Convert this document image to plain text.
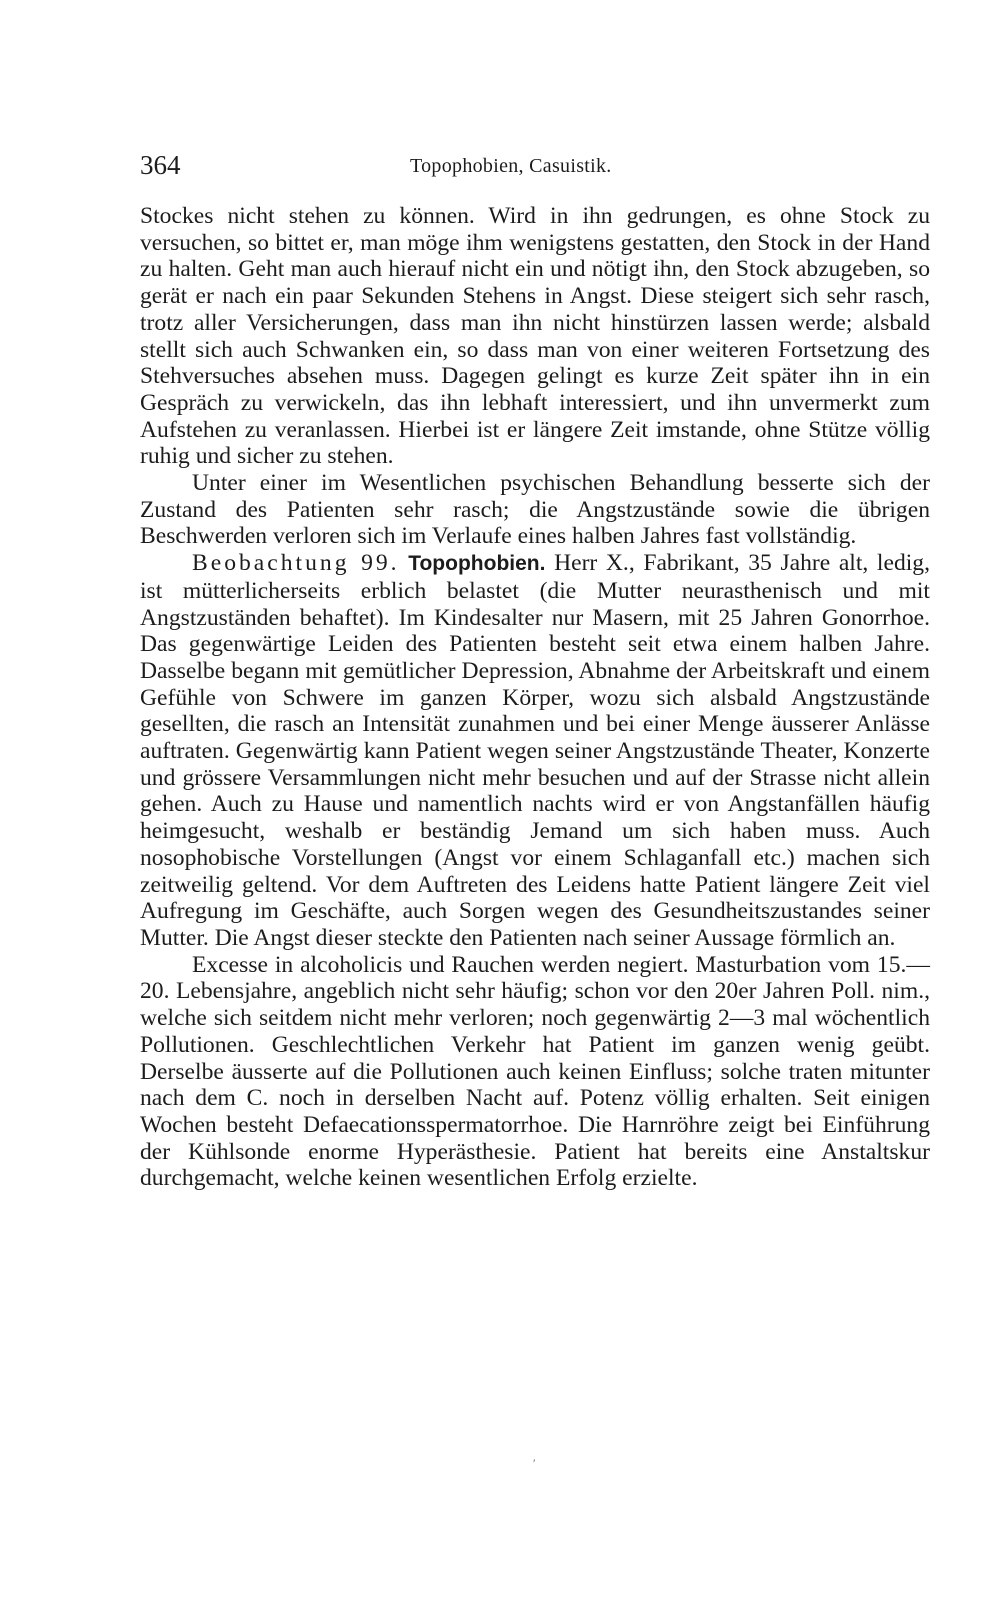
364	Topophobien, Casuistik.

Stockes nicht stehen zu können. Wird in ihn gedrungen, es ohne Stock zu versuchen, so bittet er, man möge ihm wenigstens gestatten, den Stock in der Hand zu halten. Geht man auch hierauf nicht ein und nötigt ihn, den Stock abzugeben, so gerät er nach ein paar Sekunden Stehens in Angst. Diese steigert sich sehr rasch, trotz aller Versicherungen, dass man ihn nicht hinstürzen lassen werde; alsbald stellt sich auch Schwanken ein, so dass man von einer weiteren Fortsetzung des Stehversuches absehen muss. Dagegen gelingt es kurze Zeit später ihn in ein Gespräch zu verwickeln, das ihn lebhaft interessiert, und ihn unvermerkt zum Aufstehen zu veranlassen. Hierbei ist er längere Zeit imstande, ohne Stütze völlig ruhig und sicher zu stehen.

Unter einer im Wesentlichen psychischen Behandlung besserte sich der Zustand des Patienten sehr rasch; die Angstzustände sowie die übrigen Beschwerden verloren sich im Verlaufe eines halben Jahres fast vollständig.

Beobachtung 99. Topophobien. Herr X., Fabrikant, 35 Jahre alt, ledig, ist mütterlicherseits erblich belastet (die Mutter neurasthenisch und mit Angstzuständen behaftet). Im Kindesalter nur Masern, mit 25 Jahren Gonorrhoe. Das gegenwärtige Leiden des Patienten besteht seit etwa einem halben Jahre. Dasselbe begann mit gemütlicher Depression, Abnahme der Arbeitskraft und einem Gefühle von Schwere im ganzen Körper, wozu sich alsbald Angstzustände gesellten, die rasch an Intensität zunahmen und bei einer Menge äusserer Anlässe auftraten. Gegenwärtig kann Patient wegen seiner Angstzustände Theater, Konzerte und grössere Versammlungen nicht mehr besuchen und auf der Strasse nicht allein gehen. Auch zu Hause und namentlich nachts wird er von Angstanfällen häufig heimgesucht, weshalb er beständig Jemand um sich haben muss. Auch nosophobische Vorstellungen (Angst vor einem Schlaganfall etc.) machen sich zeitweilig geltend. Vor dem Auftreten des Leidens hatte Patient längere Zeit viel Aufregung im Geschäfte, auch Sorgen wegen des Gesundheitszustandes seiner Mutter. Die Angst dieser steckte den Patienten nach seiner Aussage förmlich an.

Excesse in alcoholicis und Rauchen werden negiert. Masturbation vom 15.—20. Lebensjahre, angeblich nicht sehr häufig; schon vor den 20er Jahren Poll. nim., welche sich seitdem nicht mehr verloren; noch gegenwärtig 2—3 mal wöchentlich Pollutionen. Geschlechtlichen Verkehr hat Patient im ganzen wenig geübt. Derselbe äusserte auf die Pollutionen auch keinen Einfluss; solche traten mitunter nach dem C. noch in derselben Nacht auf. Potenz völlig erhalten. Seit einigen Wochen besteht Defaecationsspermatorrhoe. Die Harnröhre zeigt bei Einführung der Kühlsonde enorme Hyperästhesie. Patient hat bereits eine Anstaltskur durchgemacht, welche keinen wesentlichen Erfolg erzielte.

′
